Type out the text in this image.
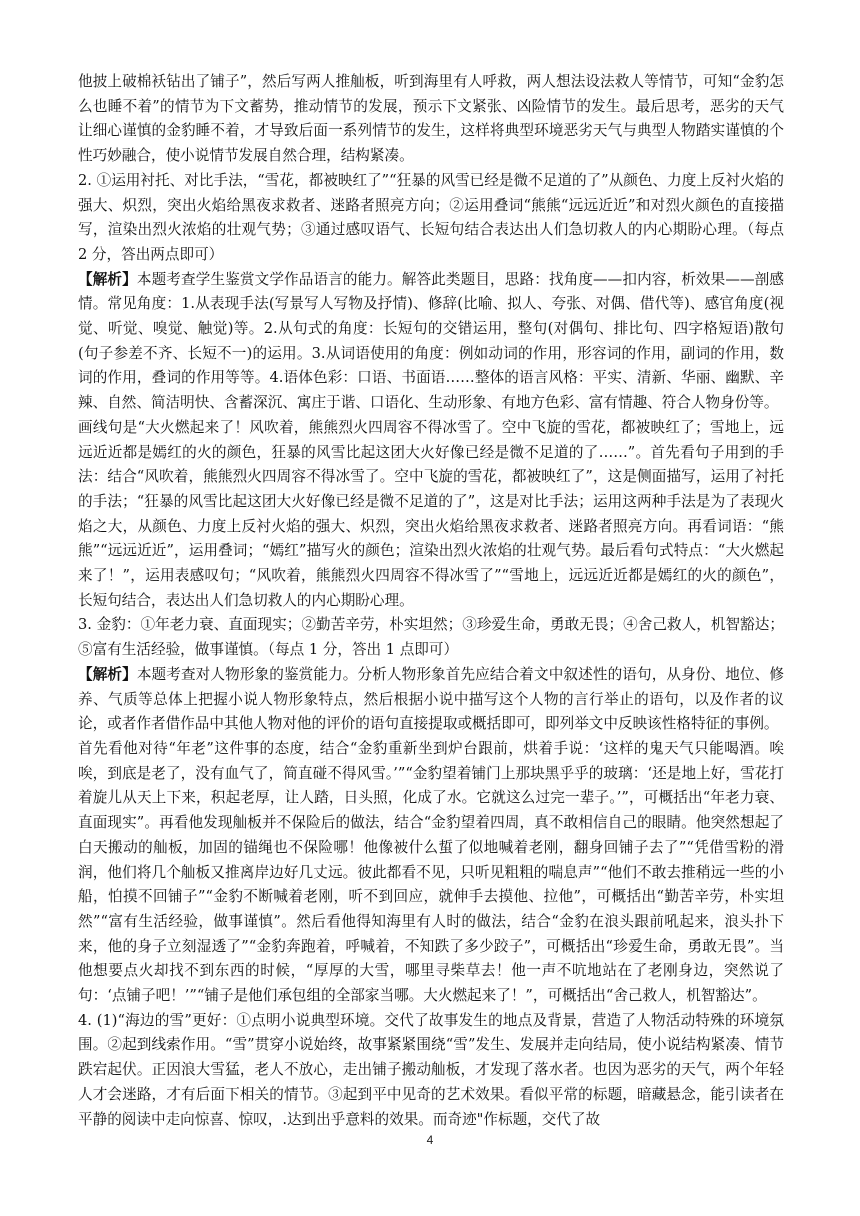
他披上破棉袄钻出了铺子”，然后写两人推舢板，听到海里有人呼救，两人想法设法救人等情节，可知“金豹怎么也睡不着”的情节为下文蓄势，推动情节的发展，预示下文紧张、凶险情节的发生。最后思考，恶劣的天气让细心谨慎的金豹睡不着，才导致后面一系列情节的发生，这样将典型环境恶劣天气与典型人物踏实谨慎的个性巧妙融合，使小说情节发展自然合理，结构紧凑。

2. ①运用衬托、对比手法，“雪花，都被映红了”“狂暴的风雪已经是微不足道的了”从颜色、力度上反衬火焰的强大、炽烈，突出火焰给黑夜求救者、迷路者照亮方向；②运用叠词“熊熊“远远近近”和对烈火颜色的直接描写，渲染出烈火浓焰的壮观气势；③通过感叹语气、长短句结合表达出人们急切救人的内心期盼心理。（每点 2 分，答出两点即可）

【解析】本题考查学生鉴赏文学作品语言的能力。解答此类题目，思路：找角度——扣内容，析效果——剖感情。常见角度：1.从表现手法(写景写人写物及抒情)、修辞(比喻、拟人、夸张、对偶、借代等)、感官角度(视觉、听觉、嗅觉、触觉)等。2.从句式的角度：长短句的交错运用，整句(对偶句、排比句、四字格短语)散句(句子参差不齐、长短不一)的运用。3.从词语使用的角度：例如动词的作用，形容词的作用，副词的作用，数词的作用，叠词的作用等等。4.语体色彩：口语、书面语……整体的语言风格：平实、清新、华丽、幽默、辛辣、自然、简洁明快、含蓄深沉、寓庄于谐、口语化、生动形象、有地方色彩、富有情趣、符合人物身份等。

画线句是“大火燃起来了！风吹着，熊熊烈火四周容不得冰雪了。空中飞旋的雪花，都被映红了；雪地上，远远近近都是嫣红的火的颜色，狂暴的风雪比起这团大火好像已经是微不足道的了……”。首先看句子用到的手法：结合“风吹着，熊熊烈火四周容不得冰雪了。空中飞旋的雪花，都被映红了”，这是侧面描写，运用了衬托的手法；“狂暴的风雪比起这团大火好像已经是微不足道的了”，这是对比手法；运用这两种手法是为了表现火焰之大，从颜色、力度上反衬火焰的强大、炽烈，突出火焰给黑夜求救者、迷路者照亮方向。再看词语：“熊熊”“远远近近”，运用叠词；“嫣红”描写火的颜色；渲染出烈火浓焰的壮观气势。最后看句式特点：“大火燃起来了！”，运用表感叹句；“风吹着，熊熊烈火四周容不得冰雪了”“雪地上，远远近近都是嫣红的火的颜色”，长短句结合，表达出人们急切救人的内心期盼心理。

3. 金豹：①年老力衰、直面现实；②勤苦辛劳，朴实坦然；③珍爱生命，勇敢无畏；④舍己救人，机智豁达；⑤富有生活经验，做事谨慎。（每点 1 分，答出 1 点即可）

【解析】本题考查对人物形象的鉴赏能力。分析人物形象首先应结合着文中叙述性的语句，从身份、地位、修养、气质等总体上把握小说人物形象特点，然后根据小说中描写这个人物的言行举止的语句，以及作者的议论，或者作者借作品中其他人物对他的评价的语句直接提取或概括即可，即列举文中反映该性格特征的事例。

首先看他对待“年老”这件事的态度，结合“金豹重新坐到炉台跟前，烘着手说：‘这样的鬼天气只能喝酒。唉唉，到底是老了，没有血气了，简直碰不得风雪。’”“金豹望着铺门上那块黑乎乎的玻璃：‘还是地上好，雪花打着旋儿从天上下来，积起老厚，让人踏，日头照，化成了水。它就这么过完一辈子。’”，可概括出“年老力衰、直面现实”。再看他发现舢板并不保险后的做法，结合“金豹望着四周，真不敢相信自己的眼睛。他突然想起了白天搬动的舢板，加固的锚绳也不保险哪！他像被什么蜇了似地喊着老刚，翻身回铺子去了”“凭借雪粉的滑润，他们将几个舢板又推离岸边好几丈远。彼此都看不见，只听见粗粗的喘息声”“他们不敢去推稍远一些的小船，怕摸不回铺子”“金豹不断喊着老刚，听不到回应，就伸手去摸他、拉他”，可概括出“勤苦辛劳，朴实坦然”“富有生活经验，做事谨慎”。然后看他得知海里有人时的做法，结合“金豹在浪头跟前吼起来，浪头扑下来，他的身子立刻湿透了”“金豹奔跑着，呼喊着，不知跌了多少跤子”，可概括出“珍爱生命，勇敢无畏”。当他想要点火却找不到东西的时候，“厚厚的大雪，哪里寻柴草去！他一声不吭地站在了老刚身边，突然说了句：‘点铺子吧！’”“铺子是他们承包组的全部家当哪。大火燃起来了！”，可概括出“舍己救人，机智豁达”。

4. (1)“海边的雪”更好：①点明小说典型环境。交代了故事发生的地点及背景，营造了人物活动特殊的环境氛围。②起到线索作用。“雪”贯穿小说始终，故事紧紧围绕“雪”发生、发展并走向结局，使小说结构紧凑、情节跌宕起伏。正因浪大雪猛，老人不放心，走出铺子搬动舢板，才发现了落水者。也因为恶劣的天气，两个年轻人才会迷路，才有后面下相关的情节。③起到平中见奇的艺术效果。看似平常的标题，暗藏悬念，能引读者在平静的阅读中走向惊喜、惊叹，.达到出乎意料的效果。而奇迹"作标题，交代了故

4
